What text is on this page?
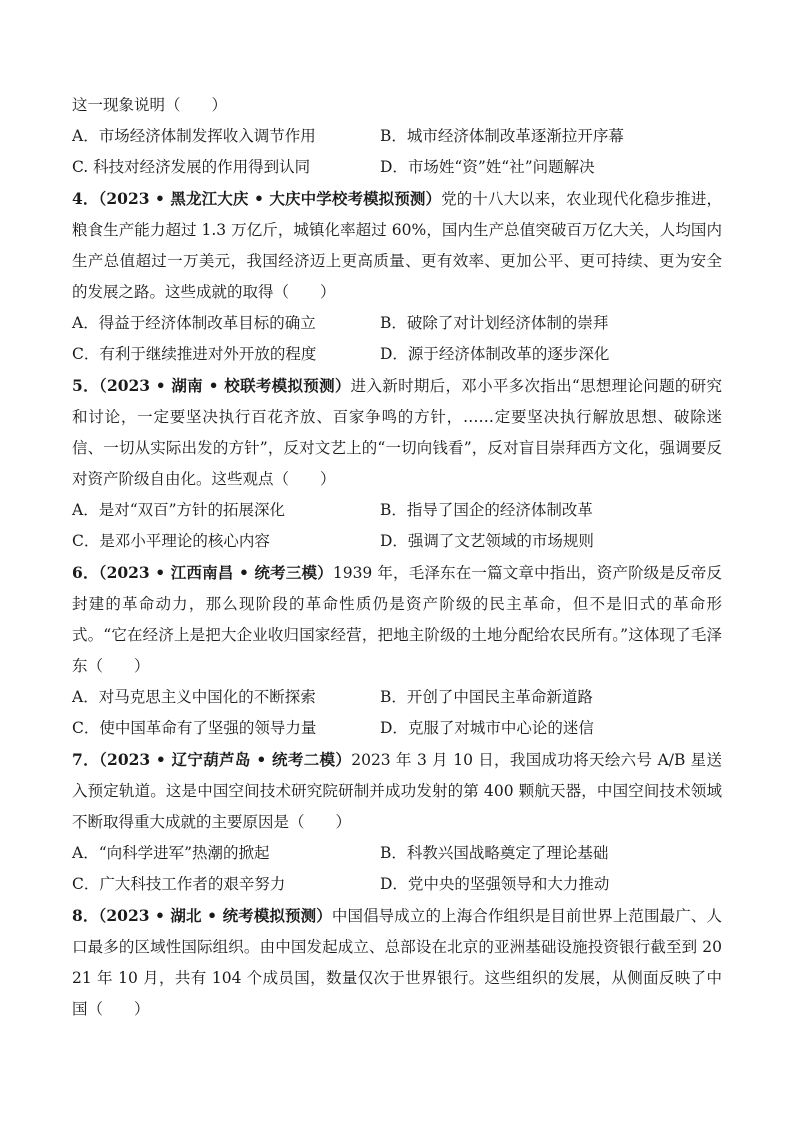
这一现象说明（　　）
A．市场经济体制发挥收入调节作用	B．城市经济体制改革逐渐拉开序幕
C. 科技对经济发展的作用得到认同	D．市场姓“资”姓“社”问题解决
4．（2023 • 黑龙江大庆 • 大庆中学校考模拟预测）党的十八大以来，农业现代化稳步推进，粮食生产能力超过 1.3 万亿斤，城镇化率超过 60%，国内生产总值突破百万亿大关，人均国内生产总值超过一万美元，我国经济迈上更高质量、更有效率、更加公平、更可持续、更为安全的发展之路。这些成就的取得（　　）
A．得益于经济体制改革目标的确立	B．破除了对计划经济体制的崇拜
C．有利于继续推进对外开放的程度	D．源于经济体制改革的逐步深化
5．（2023 • 湖南 • 校联考模拟预测）进入新时期后，邓小平多次指出“思想理论问题的研究和讨论，一定要坚决执行百花齐放、百家争鸣的方针，……定要坚决执行解放思想、破除迷信、一切从实际出发的方针”，反对文艺上的“一切向钱看”，反对盲目崇拜西方文化，强调要反对资产阶级自由化。这些观点（　　）
A．是对“双百”方针的拓展深化	B．指导了国企的经济体制改革
C．是邓小平理论的核心内容	D．强调了文艺领域的市场规则
6．（2023 • 江西南昌 • 统考三模）1939 年，毛泽东在一篇文章中指出，资产阶级是反帝反封建的革命动力，那么现阶段的革命性质仍是资产阶级的民主革命，但不是旧式的革命形式。“它在经济上是把大企业收归国家经营，把地主阶级的土地分配给农民所有。”这体现了毛泽东（　　）
A．对马克思主义中国化的不断探索	B．开创了中国民主革命新道路
C．使中国革命有了坚强的领导力量	D．克服了对城市中心论的迷信
7．（2023 • 辽宁葫芦岛 • 统考二模）2023 年 3 月 10 日，我国成功将天绘六号 A/B 星送入预定轨道。这是中国空间技术研究院研制并成功发射的第 400 颗航天器，中国空间技术领域不断取得重大成就的主要原因是（　　）
A．“向科学进军”热潮的掀起	B．科教兴国战略奠定了理论基础
C．广大科技工作者的艰辛努力	D．党中央的坚强领导和大力推动
8．（2023 • 湖北 • 统考模拟预测）中国倡导成立的上海合作组织是目前世界上范围最广、人口最多的区域性国际组织。由中国发起成立、总部设在北京的亚洲基础设施投资银行截至到 2021 年 10 月，共有 104 个成员国，数量仅次于世界银行。这些组织的发展，从侧面反映了中国（　　）
